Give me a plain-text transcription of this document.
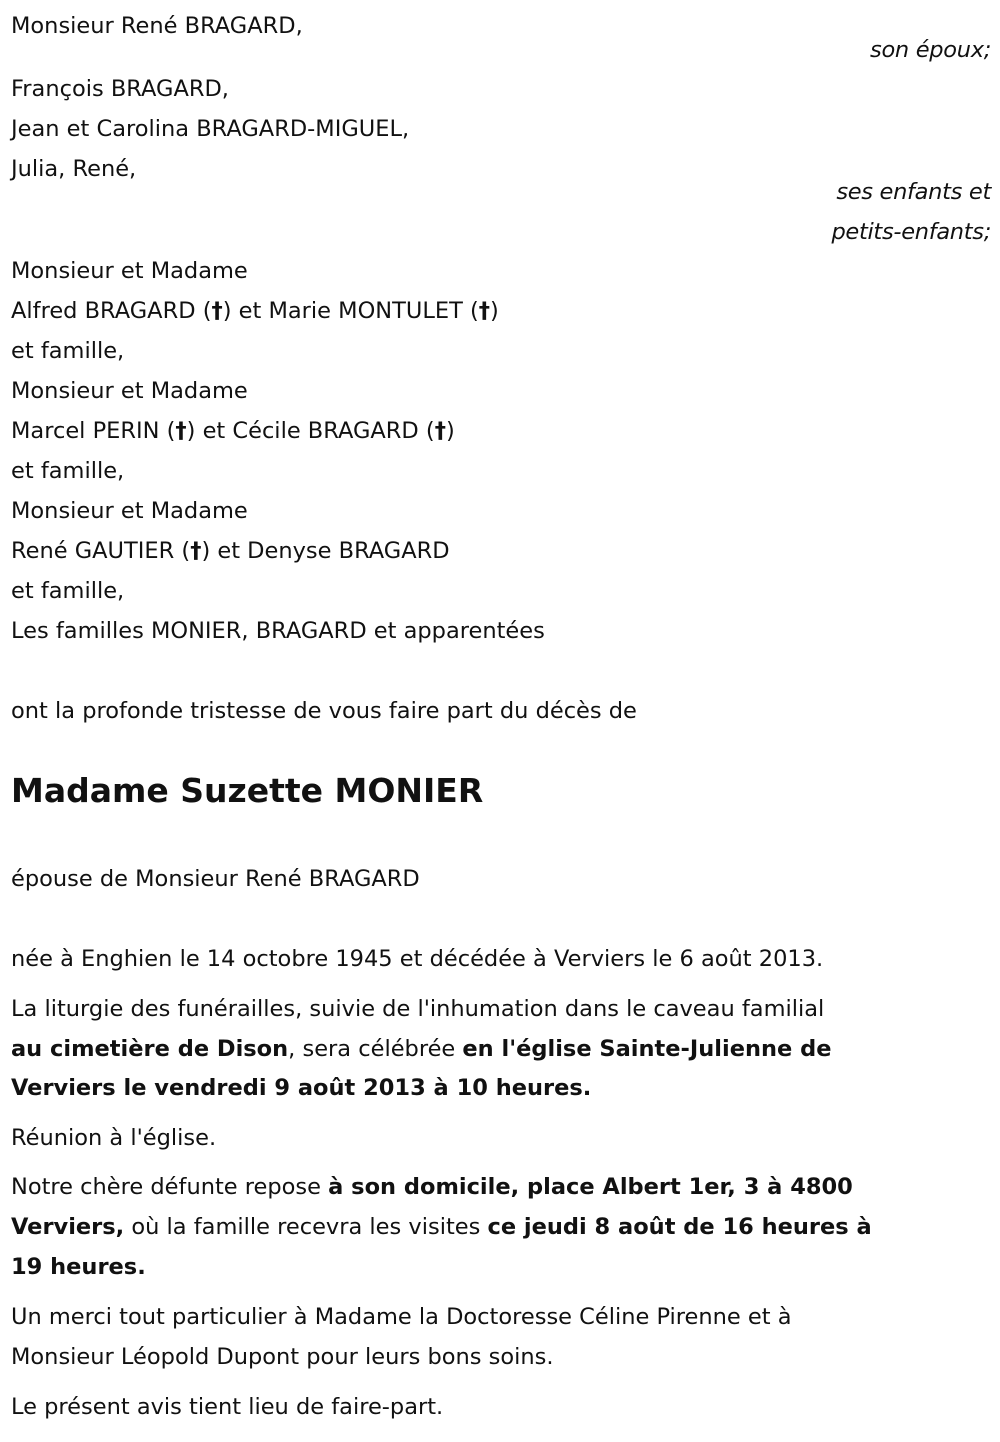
Monsieur René BRAGARD,
son époux;
François BRAGARD,
Jean et Carolina BRAGARD-MIGUEL,
Julia, René,
ses enfants et
petits-enfants;
Monsieur et Madame
Alfred BRAGARD (†) et Marie MONTULET (†)
et famille,
Monsieur et Madame
Marcel PERIN (†) et Cécile BRAGARD (†)
et famille,
Monsieur et Madame
René GAUTIER (†) et Denyse BRAGARD
et famille,
Les familles MONIER, BRAGARD et apparentées
ont la profonde tristesse de vous faire part du décès de
Madame Suzette MONIER
épouse de Monsieur René BRAGARD
née à Enghien le 14 octobre 1945 et décédée à Verviers le 6 août 2013.
La liturgie des funérailles, suivie de l'inhumation dans le caveau familial
au cimetière de Dison, sera célébrée en l'église Sainte-Julienne de
Verviers le vendredi 9 août 2013 à 10 heures.
Réunion à l'église.
Notre chère défunte repose à son domicile, place Albert 1er, 3 à 4800
Verviers, où la famille recevra les visites ce jeudi 8 août de 16 heures à
19 heures.
Un merci tout particulier à Madame la Doctoresse Céline Pirenne et à
Monsieur Léopold Dupont pour leurs bons soins.
Le présent avis tient lieu de faire-part.
